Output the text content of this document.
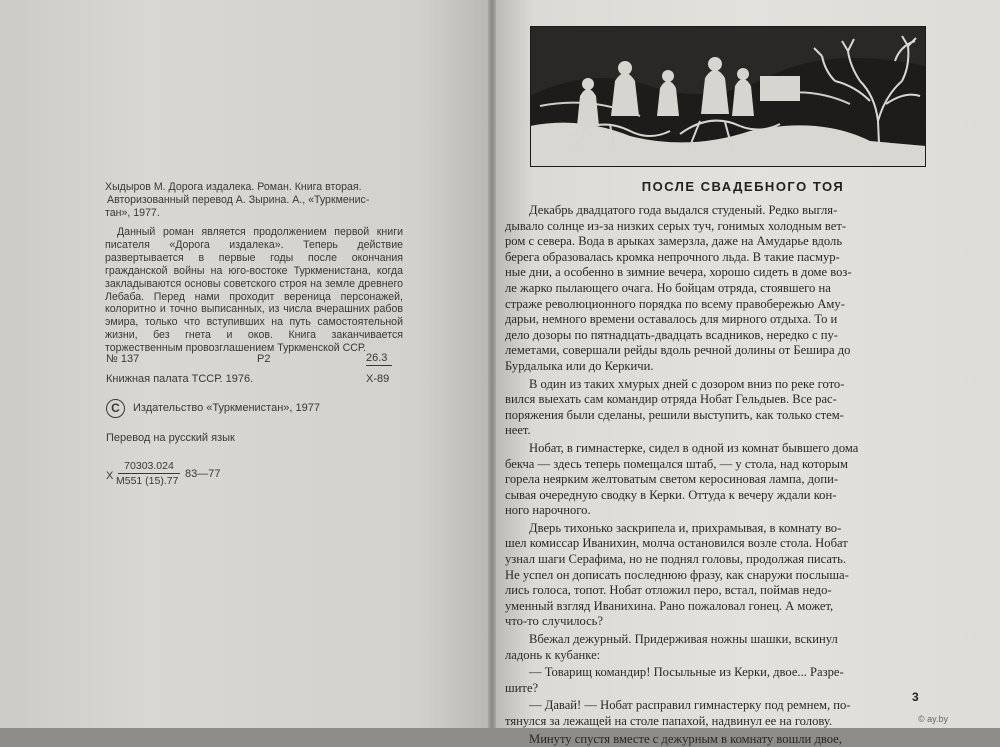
Хыдыров М. Дорога издалека. Роман. Книга вторая.
Авторизованный перевод А. Зырина. А., «Туркменис-
тан», 1977.
Данный роман является продолжением первой книги писателя «Дорога издалека». Теперь действие развертывается в первые годы после окончания гражданской войны на юго-востоке Туркменистана, когда закладываются основы советского строя на земле древнего Лебаба. Перед нами проходит вереница персонажей, колоритно и точно выписанных, из числа вчерашних рабов эмира, только что вступивших на путь самостоятельной жизни, без гнета и оков. Книга заканчивается торжественным провозглашением Туркменской ССР.
№ 137	Р2	26.3
Книжная палата ТССР. 1976.	Х-89
С	Издательство «Туркменистан», 1977
Перевод на русский язык
Х
70303.024
М551 (15).77
83—77
ПОСЛЕ СВАДЕБНОГО ТОЯ
Декабрь двадцатого года выдался студеный. Редко выгля-
дывало солнце из-за низких серых туч, гонимых холодным вет-
ром с севера. Вода в арыках замерзла, даже на Амударье вдоль
берега образовалась кромка непрочного льда. В такие пасмур-
ные дни, а особенно в зимние вечера, хорошо сидеть в доме воз-
ле жарко пылающего очага. Но бойцам отряда, стоявшего на
страже революционного порядка по всему правобережью Аму-
дарьи, немного времени оставалось для мирного отдыха. То и
дело дозоры по пятнадцать-двадцать всадников, нередко с пу-
леметами, совершали рейды вдоль речной долины от Бешира до
Бурдалыка или до Керкичи.
В один из таких хмурых дней с дозором вниз по реке гото-
вился выехать сам командир отряда Нобат Гельдыев. Все рас-
поряжения были сделаны, решили выступить, как только стем-
неет.
Нобат, в гимнастерке, сидел в одной из комнат бывшего дома
бекча — здесь теперь помещался штаб, — у стола, над которым
горела неярким желтоватым светом керосиновая лампа, допи-
сывая очередную сводку в Керки. Оттуда к вечеру ждали кон-
ного нарочного.
Дверь тихонько заскрипела и, прихрамывая, в комнату во-
шел комиссар Иванихин, молча остановился возле стола. Нобат
узнал шаги Серафима, но не поднял головы, продолжая писать.
Не успел он дописать последнюю фразу, как снаружи послыша-
лись голоса, топот. Нобат отложил перо, встал, поймав недо-
уменный взгляд Иванихина. Рано пожаловал гонец. А может,
что-то случилось?
Вбежал дежурный. Придерживая ножны шашки, вскинул
ладонь к кубанке:
— Товарищ командир! Посыльные из Керки, двое... Разре-
шите?
— Давай! — Нобат расправил гимнастерку под ремнем, по-
тянулся за лежащей на столе папахой, надвинул ее на голову.
Минуту спустя вместе с дежурным в комнату вошли двое,
3
© ay.by
